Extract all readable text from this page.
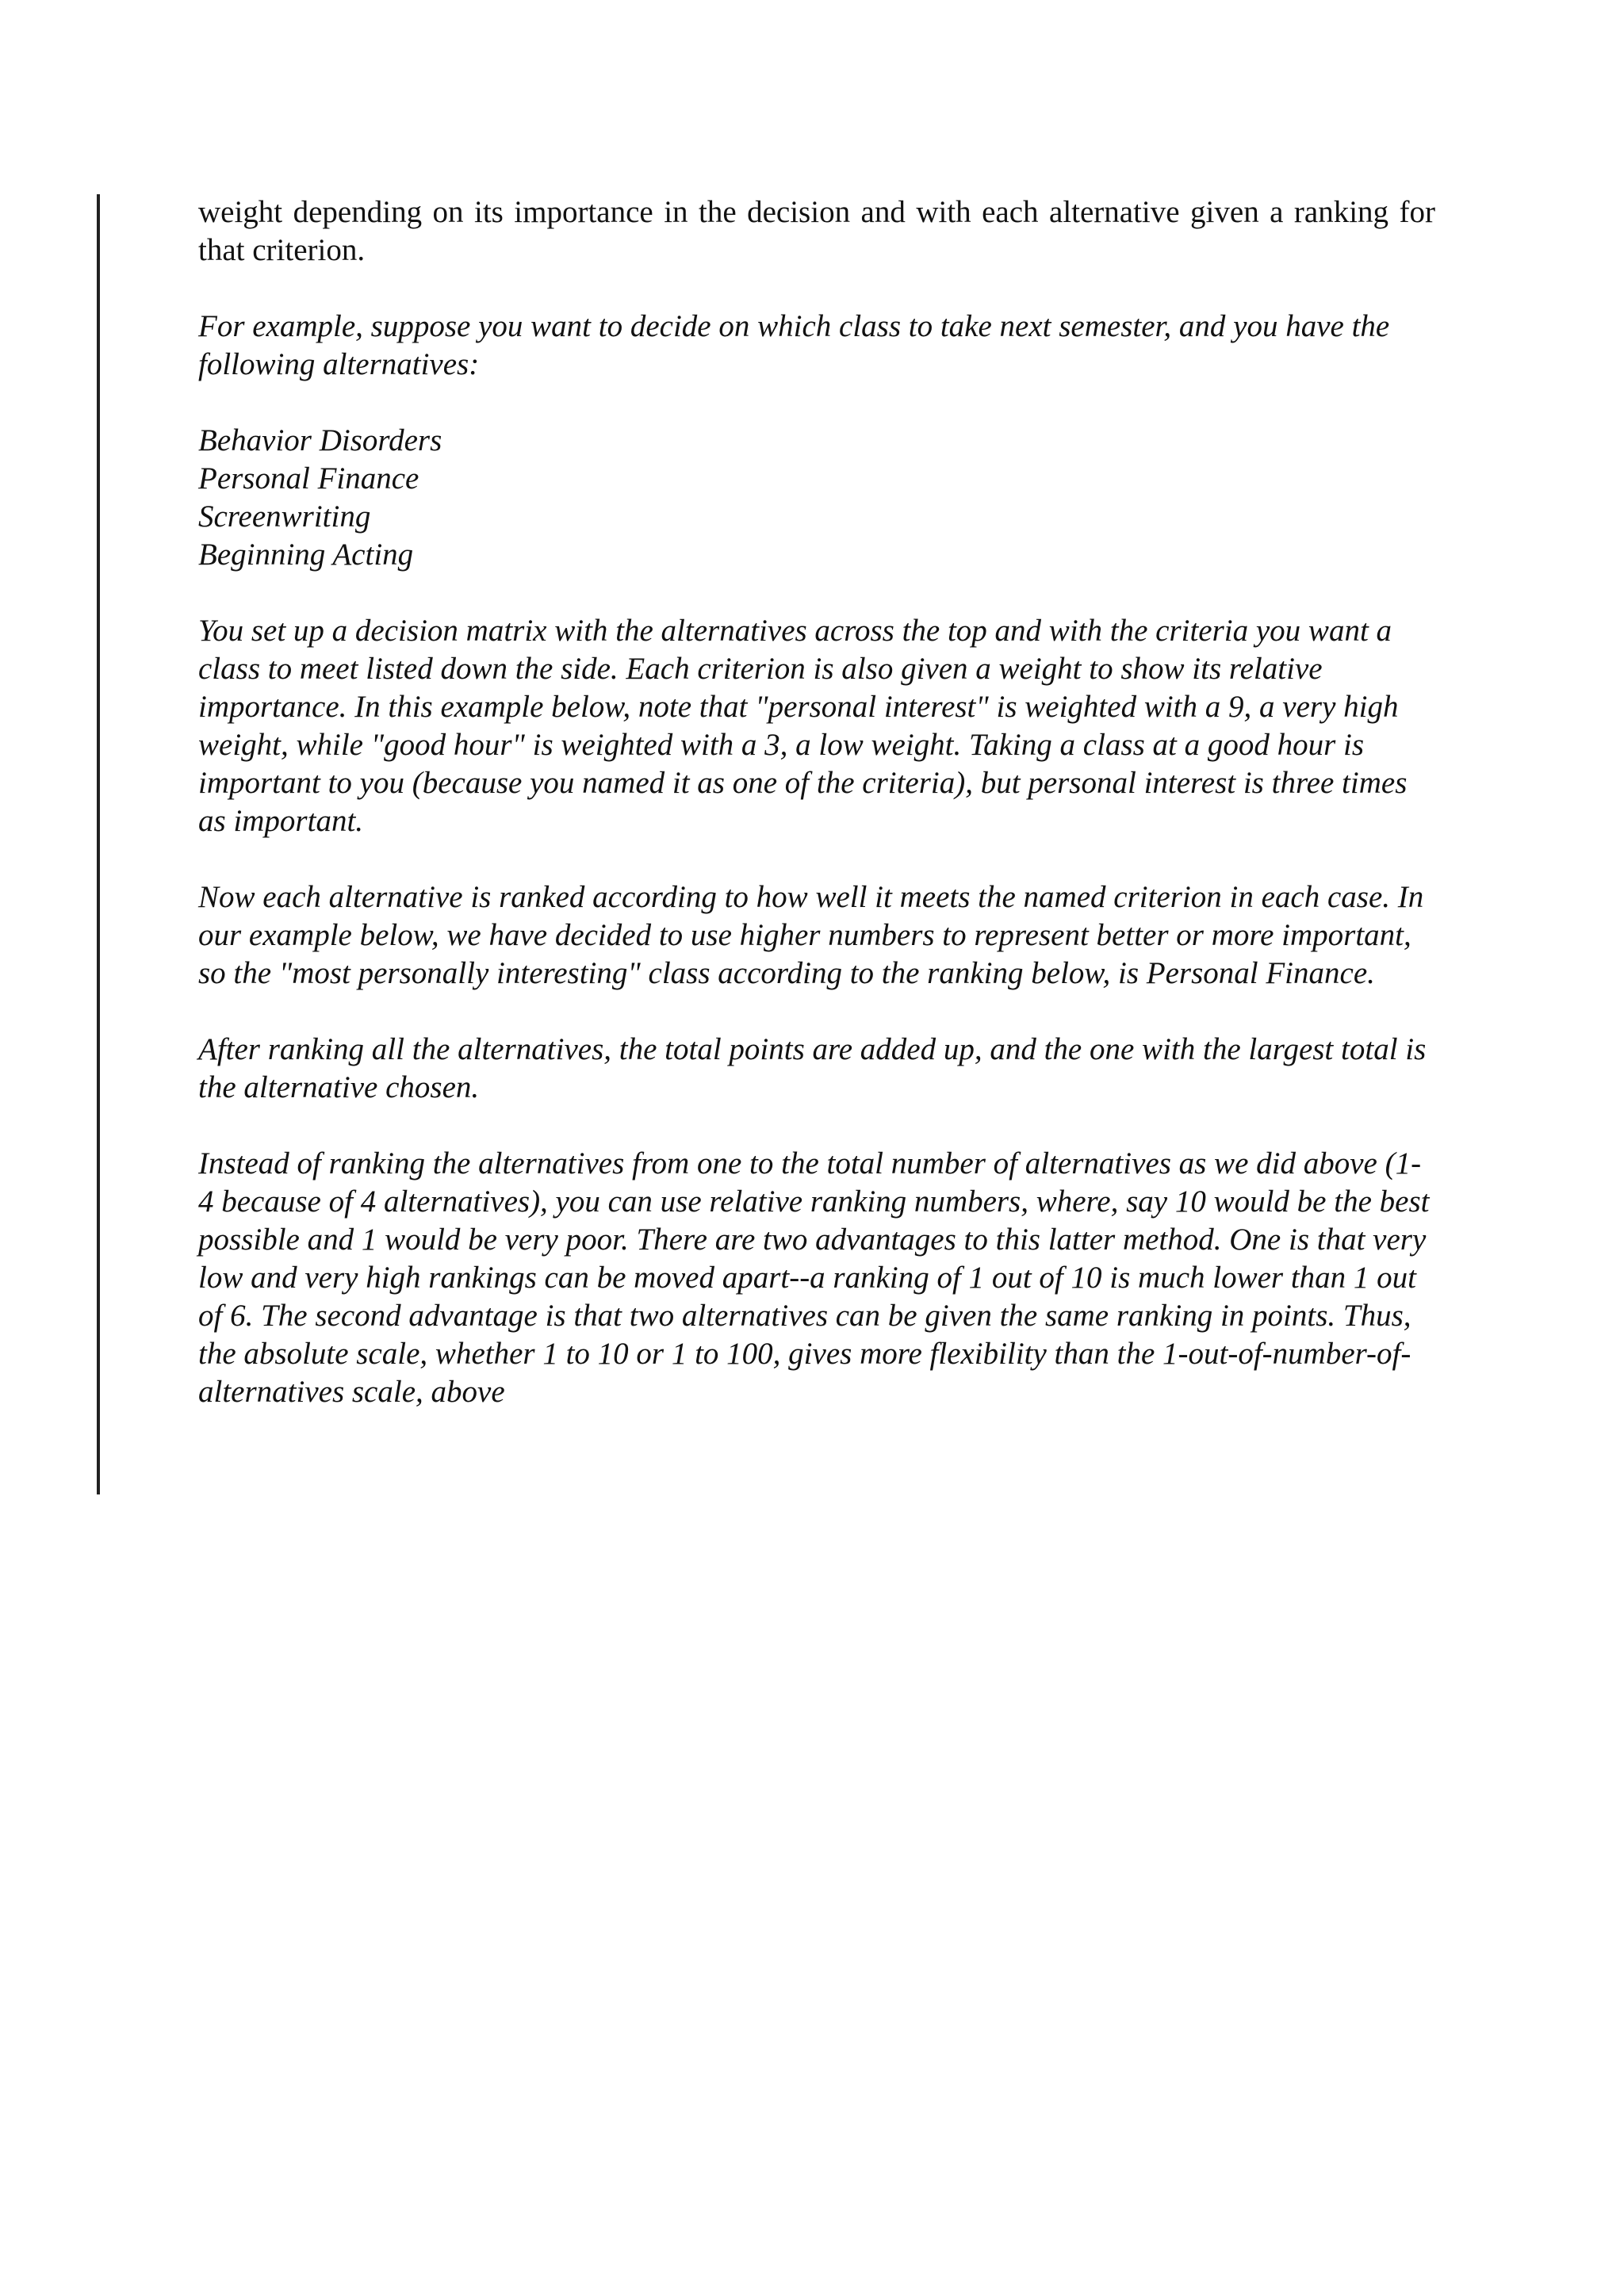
weight depending on its importance in the decision and with each alternative given a ranking for that criterion.

For example, suppose you want to decide on which class to take next semester, and you have the following alternatives:

Behavior Disorders

Personal Finance

Screenwriting

Beginning Acting

You set up a decision matrix with the alternatives across the top and with the criteria you want a class to meet listed down the side. Each criterion is also given a weight to show its relative importance. In this example below, note that "personal interest" is weighted with a 9, a very high weight, while "good hour" is weighted with a 3, a low weight. Taking a class at a good hour is important to you (because you named it as one of the criteria), but personal interest is three times as important.

Now each alternative is ranked according to how well it meets the named criterion in each case. In our example below, we have decided to use higher numbers to represent better or more important, so the "most personally interesting" class according to the ranking below, is Personal Finance.

After ranking all the alternatives, the total points are added up, and the one with the largest total is the alternative chosen.

Instead of ranking the alternatives from one to the total number of alternatives as we did above (1-4 because of 4 alternatives), you can use relative ranking numbers, where, say 10 would be the best possible and 1 would be very poor. There are two advantages to this latter method. One is that very low and very high rankings can be moved apart--a ranking of 1 out of 10 is much lower than 1 out of 6. The second advantage is that two alternatives can be given the same ranking in points. Thus, the absolute scale, whether 1 to 10 or 1 to 100, gives more flexibility than the 1-out-of-number-of-alternatives scale, above
